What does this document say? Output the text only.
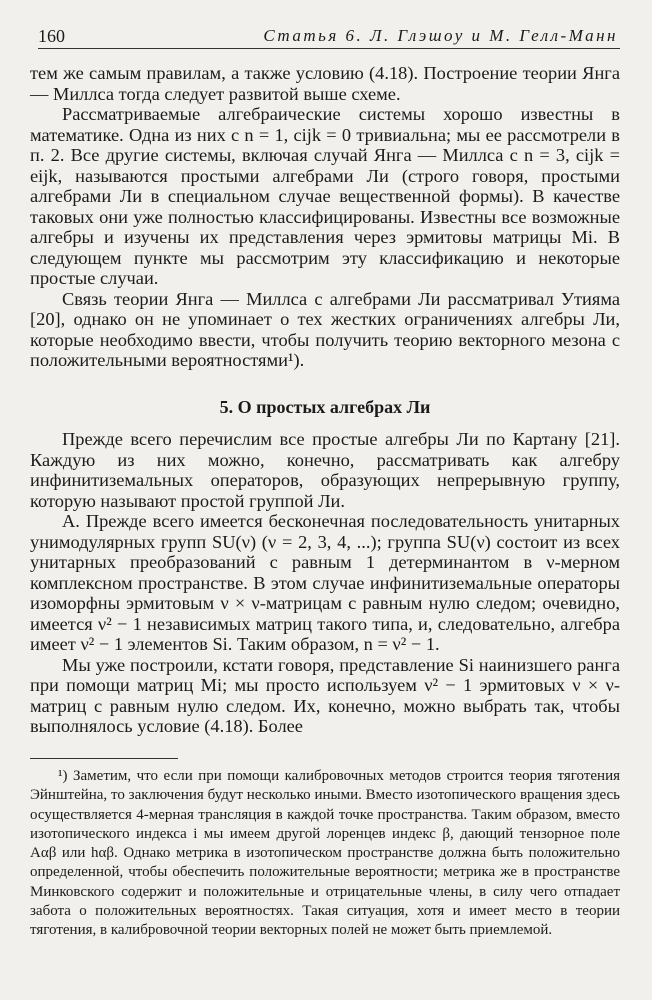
160	Статья 6. Л. Глэшоу и М. Гелл-Манн

тем же самым правилам, а также условию (4.18). Построение теории Янга — Миллса тогда следует развитой выше схеме.

Рассматриваемые алгебраические системы хорошо известны в математике. Одна из них с n = 1, cijk = 0 тривиальна; мы ее рассмотрели в п. 2. Все другие системы, включая случай Янга — Миллса с n = 3, cijk = eijk, называются простыми алгебрами Ли (строго говоря, простыми алгебрами Ли в специальном случае вещественной формы). В качестве таковых они уже полностью классифицированы. Известны все возможные алгебры и изучены их представления через эрмитовы матрицы Mi. В следующем пункте мы рассмотрим эту классификацию и некоторые простые случаи.

Связь теории Янга — Миллса с алгебрами Ли рассматривал Утияма [20], однако он не упоминает о тех жестких ограничениях алгебры Ли, которые необходимо ввести, чтобы получить теорию векторного мезона с положительными вероятностями¹).

5. О простых алгебрах Ли

Прежде всего перечислим все простые алгебры Ли по Картану [21]. Каждую из них можно, конечно, рассматривать как алгебру инфинитиземальных операторов, образующих непрерывную группу, которую называют простой группой Ли.

А. Прежде всего имеется бесконечная последовательность унитарных унимодулярных групп SU(ν) (ν = 2, 3, 4, ...); группа SU(ν) состоит из всех унитарных преобразований с равным 1 детерминантом в ν-мерном комплексном пространстве. В этом случае инфинитиземальные операторы изоморфны эрмитовым ν × ν-матрицам с равным нулю следом; очевидно, имеется ν² − 1 независимых матриц такого типа, и, следовательно, алгебра имеет ν² − 1 элементов Si. Таким образом, n = ν² − 1.

Мы уже построили, кстати говоря, представление Si наинизшего ранга при помощи матриц Mi; мы просто используем ν² − 1 эрмитовых ν × ν-матриц с равным нулю следом. Их, конечно, можно выбрать так, чтобы выполнялось условие (4.18). Более

¹) Заметим, что если при помощи калибровочных методов строится теория тяготения Эйнштейна, то заключения будут несколько иными. Вместо изотопического вращения здесь осуществляется 4-мерная трансляция в каждой точке пространства. Таким образом, вместо изотопического индекса i мы имеем другой лоренцев индекс β, дающий тензорное поле Aαβ или hαβ. Однако метрика в изотопическом пространстве должна быть положительно определенной, чтобы обеспечить положительные вероятности; метрика же в пространстве Минковского содержит и положительные и отрицательные члены, в силу чего отпадает забота о положительных вероятностях. Такая ситуация, хотя и имеет место в теории тяготения, в калибровочной теории векторных полей не может быть приемлемой.
